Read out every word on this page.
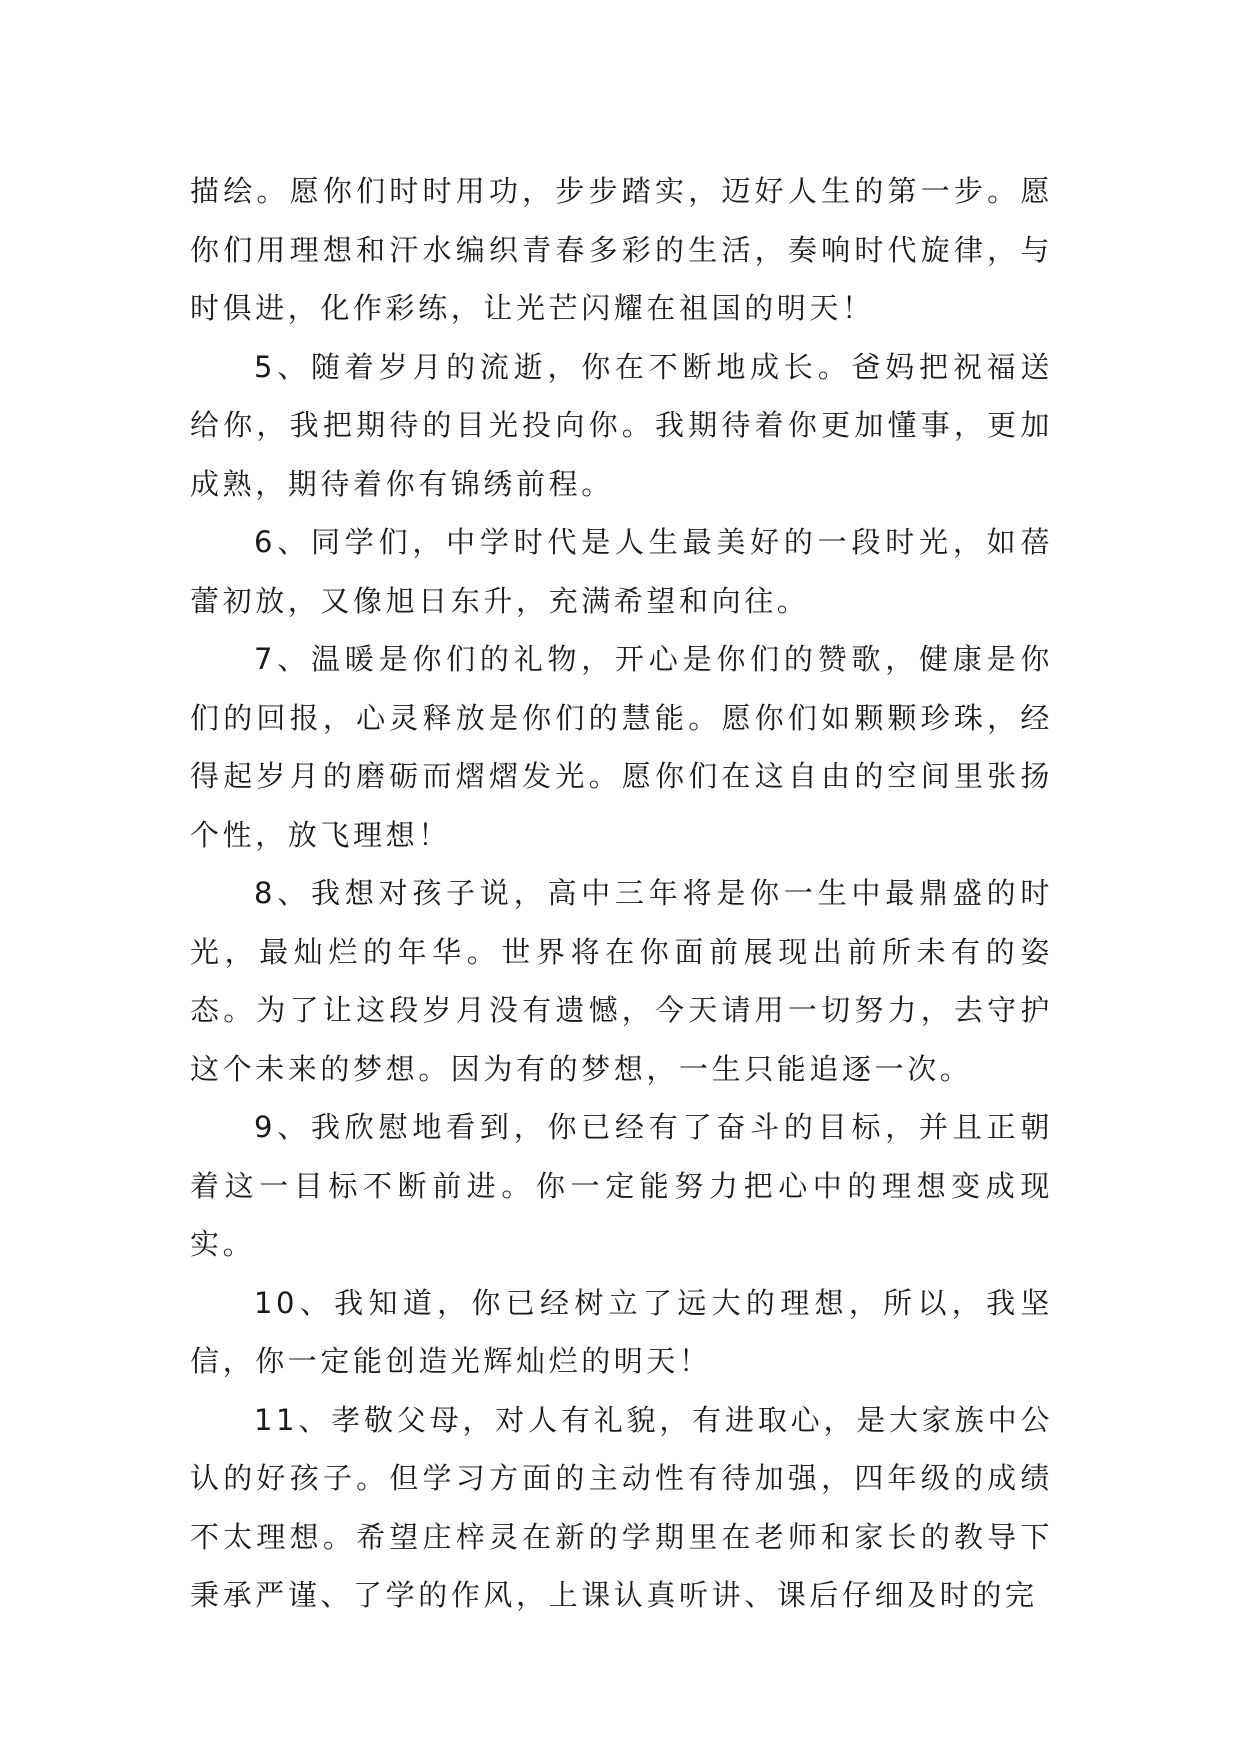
描绘。愿你们时时用功，步步踏实，迈好人生的第一步。愿你们用理想和汗水编织青春多彩的生活，奏响时代旋律，与时俱进，化作彩练，让光芒闪耀在祖国的明天！

5、随着岁月的流逝，你在不断地成长。爸妈把祝福送给你，我把期待的目光投向你。我期待着你更加懂事，更加成熟，期待着你有锦绣前程。

6、同学们，中学时代是人生最美好的一段时光，如蓓蕾初放，又像旭日东升，充满希望和向往。

7、温暖是你们的礼物，开心是你们的赞歌，健康是你们的回报，心灵释放是你们的慧能。愿你们如颗颗珍珠，经得起岁月的磨砺而熠熠发光。愿你们在这自由的空间里张扬个性，放飞理想！

8、我想对孩子说，高中三年将是你一生中最鼎盛的时光，最灿烂的年华。世界将在你面前展现出前所未有的姿态。为了让这段岁月没有遗憾，今天请用一切努力，去守护这个未来的梦想。因为有的梦想，一生只能追逐一次。

9、我欣慰地看到，你已经有了奋斗的目标，并且正朝着这一目标不断前进。你一定能努力把心中的理想变成现实。

10、我知道，你已经树立了远大的理想，所以，我坚信，你一定能创造光辉灿烂的明天！

11、孝敬父母，对人有礼貌，有进取心，是大家族中公认的好孩子。但学习方面的主动性有待加强，四年级的成绩不太理想。希望庄梓灵在新的学期里在老师和家长的教导下秉承严谨、了学的作风，上课认真听讲、课后仔细及时的完
